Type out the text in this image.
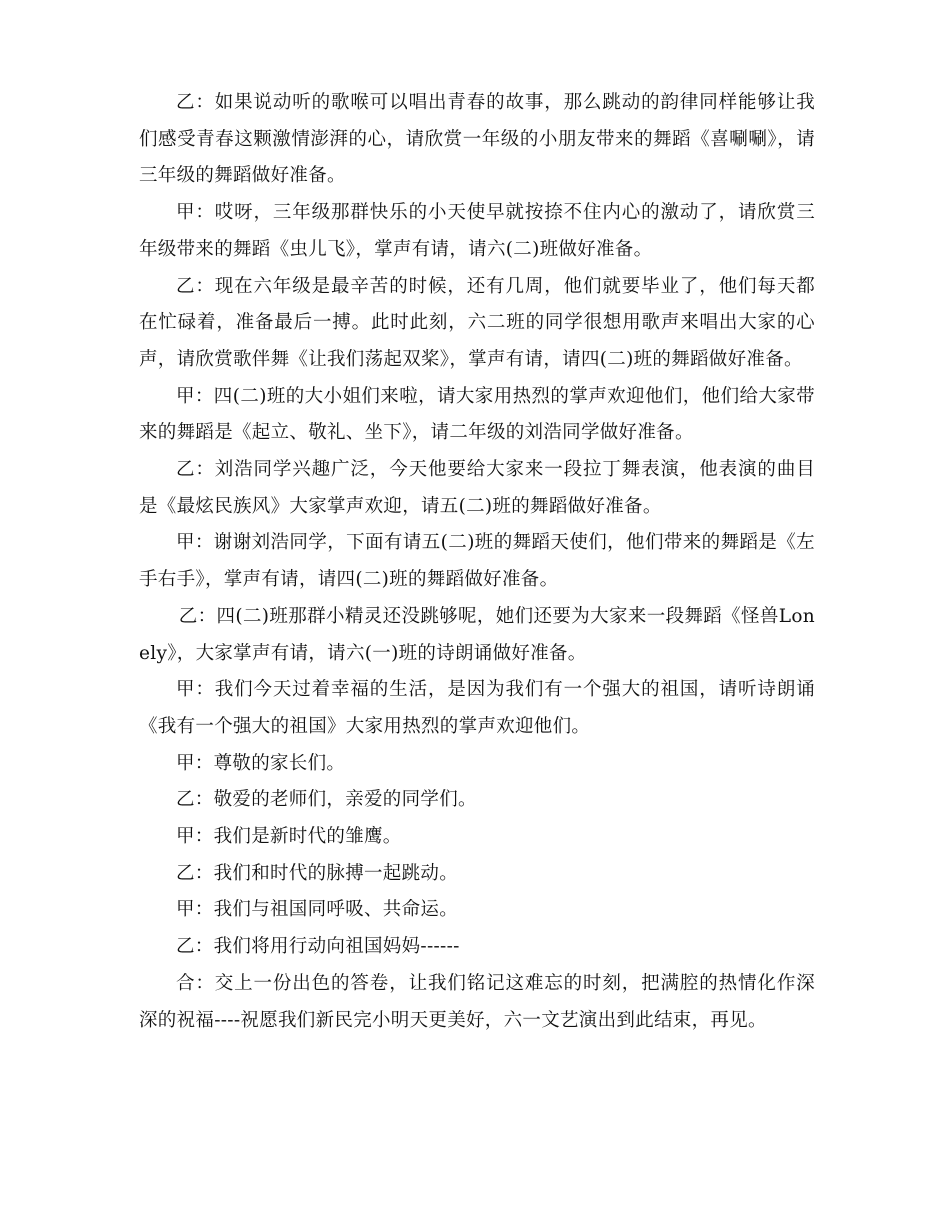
乙：如果说动听的歌喉可以唱出青春的故事，那么跳动的韵律同样能够让我们感受青春这颗激情澎湃的心，请欣赏一年级的小朋友带来的舞蹈《喜唰唰》，请三年级的舞蹈做好准备。

甲：哎呀，三年级那群快乐的小天使早就按捺不住内心的激动了，请欣赏三年级带来的舞蹈《虫儿飞》，掌声有请，请六(二)班做好准备。

乙：现在六年级是最辛苦的时候，还有几周，他们就要毕业了，他们每天都在忙碌着，准备最后一搏。此时此刻，六二班的同学很想用歌声来唱出大家的心声，请欣赏歌伴舞《让我们荡起双桨》，掌声有请，请四(二)班的舞蹈做好准备。

甲：四(二)班的大小姐们来啦，请大家用热烈的掌声欢迎他们，他们给大家带来的舞蹈是《起立、敬礼、坐下》，请二年级的刘浩同学做好准备。

乙：刘浩同学兴趣广泛，今天他要给大家来一段拉丁舞表演，他表演的曲目是《最炫民族风》大家掌声欢迎，请五(二)班的舞蹈做好准备。

甲：谢谢刘浩同学，下面有请五(二)班的舞蹈天使们，他们带来的舞蹈是《左手右手》，掌声有请，请四(二)班的舞蹈做好准备。

乙：四(二)班那群小精灵还没跳够呢，她们还要为大家来一段舞蹈《怪兽Lonely》，大家掌声有请，请六(一)班的诗朗诵做好准备。

甲：我们今天过着幸福的生活，是因为我们有一个强大的祖国，请听诗朗诵《我有一个强大的祖国》大家用热烈的掌声欢迎他们。

甲：尊敬的家长们。

乙：敬爱的老师们，亲爱的同学们。

甲：我们是新时代的雏鹰。

乙：我们和时代的脉搏一起跳动。

甲：我们与祖国同呼吸、共命运。

乙：我们将用行动向祖国妈妈------

合：交上一份出色的答卷，让我们铭记这难忘的时刻，把满腔的热情化作深深的祝福----祝愿我们新民完小明天更美好，六一文艺演出到此结束，再见。
